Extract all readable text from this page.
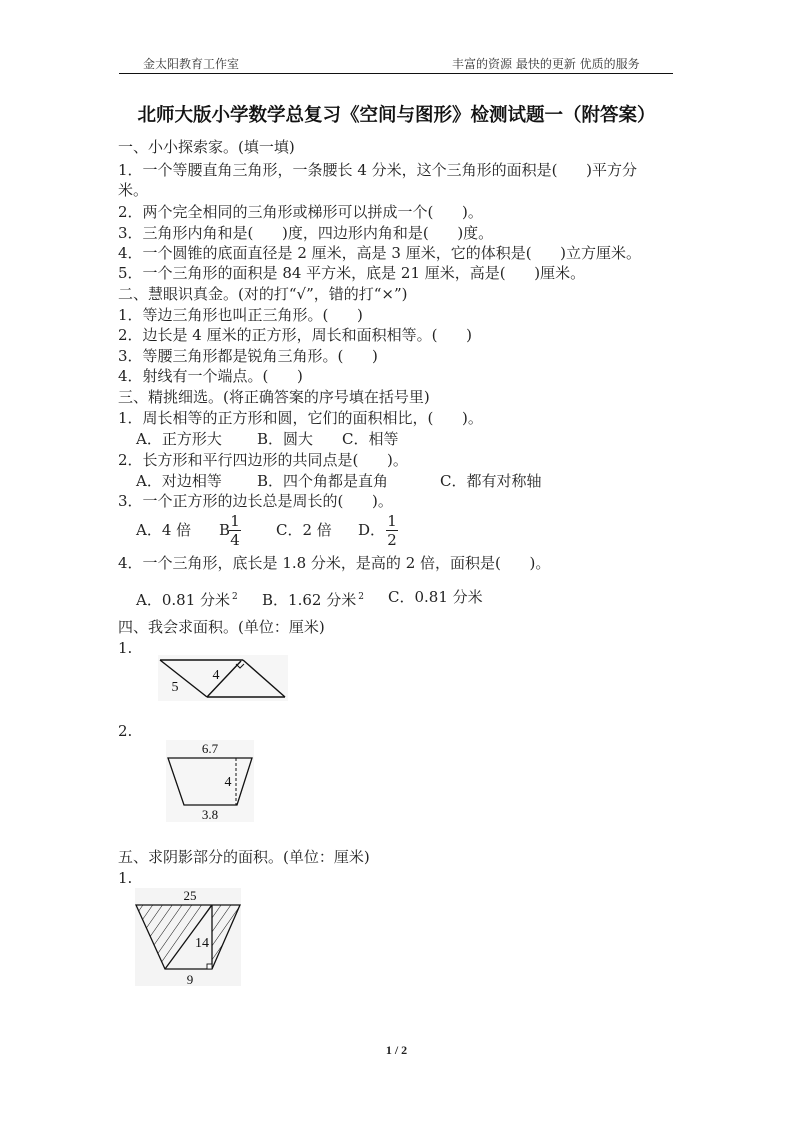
金太阳教育工作室	丰富的资源 最快的更新 优质的服务
北师大版小学数学总复习《空间与图形》检测试题一（附答案）
一、小小探索家。(填一填)
1．一个等腰直角三角形，一条腰长 4 分米，这个三角形的面积是(      )平方分
米。
2．两个完全相同的三角形或梯形可以拼成一个(      )。
3．三角形内角和是(      )度，四边形内角和是(      )度。
4．一个圆锥的底面直径是 2 厘米，高是 3 厘米，它的体积是(      )立方厘米。
5．一个三角形的面积是 84 平方米，底是 21 厘米，高是(      )厘米。
二、慧眼识真金。(对的打“√”，错的打“×”)
1．等边三角形也叫正三角形。(      )
2．边长是 4 厘米的正方形，周长和面积相等。(      )
3．等腰三角形都是锐角三角形。(      )
4．射线有一个端点。(      )
三、精挑细选。(将正确答案的序号填在括号里)
1．周长相等的正方形和圆，它们的面积相比，(      )。
A．正方形大 B．圆大 C．相等
2．长方形和平行四边形的共同点是(      )。
A．对边相等 B．四个角都是直角	C．都有对称轴
3．一个正方形的边长总是周长的(      )。
A．4 倍 B 1
4
C．2 倍 D． 1
2
4．一个三角形，底长是 1.8 分米，是高的 2 倍，面积是(      )。
A．0.81 分米 $^2$ B．1.62 分米 $^2$ C．0.81 分米
四、我会求面积。(单位：厘米)
1.
5
4
2.
6.7
4
3.8
五、求阴影部分的面积。(单位：厘米)
1.
25
14
9
1 / 2
